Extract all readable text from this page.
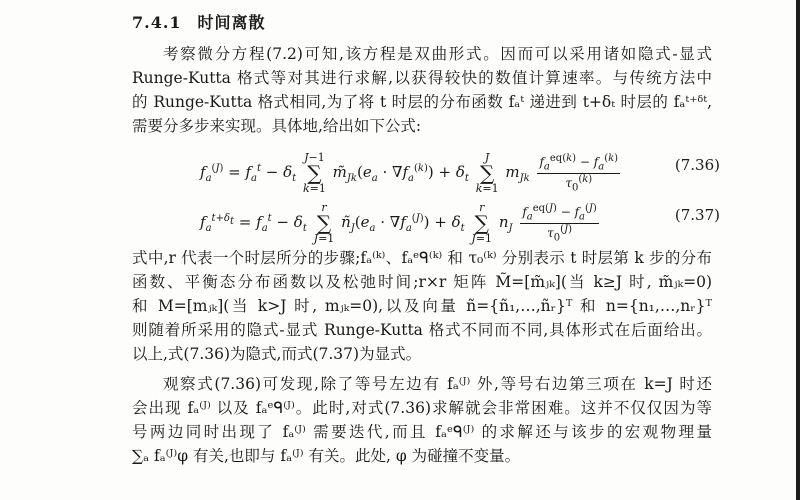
7.4.1 时间离散

考察微分方程(7.2)可知,该方程是双曲形式。因而可以采用诸如隐式-显式

Runge-Kutta 格式等对其进行求解,以获得较快的数值计算速率。与传统方法中

的 Runge-Kutta 格式相同,为了将 t 时层的分布函数 fₐᵗ 递进到 t+δₜ 时层的 fₐᵗ⁺ᵟᵗ,

需要分多步来实现。具体地,给出如下公式:

$f_a^{(J)} = f_a^t - \delta_t$ J−1
∑
k=1 $m̃_{Jk}(e_a \cdot \nabla f_a^{(k)}) + \delta_t$ J
∑
k=1 $m_{Jk} \frac{f_a^{eq(k)} - f_a^{(k)}}{\tau_0^{(k)}}$	(7.36)
$f_a^{t+\delta_t} = f_a^t - \delta_t$ r
∑
J=1 $ñ_J(e_a \cdot \nabla f_a^{(J)}) + \delta_t$ r
∑
J=1 $n_J \frac{f_a^{eq(J)} - f_a^{(J)}}{\tau_0^{(J)}}$	(7.37)

式中,r 代表一个时层所分的步骤;fₐ⁽ᵏ⁾、fₐᵉᑫ⁽ᵏ⁾ 和 τ₀⁽ᵏ⁾ 分别表示 t 时层第 k 步的分布

函数、平衡态分布函数以及松弛时间;r×r 矩阵 M̃=[m̃ⱼₖ](当 k≥J 时, m̃ⱼₖ=0)

和 M=[mⱼₖ](当 k>J 时, mⱼₖ=0),以及向量 ñ={ñ₁,…,ñᵣ}ᵀ 和 n={n₁,…,nᵣ}ᵀ

则随着所采用的隐式-显式 Runge-Kutta 格式不同而不同,具体形式在后面给出。

以上,式(7.36)为隐式,而式(7.37)为显式。

观察式(7.36)可发现,除了等号左边有 fₐ⁽ᴶ⁾ 外,等号右边第三项在 k=J 时还

会出现 fₐ⁽ᴶ⁾ 以及 fₐᵉᑫ⁽ᴶ⁾。此时,对式(7.36)求解就会非常困难。这并不仅仅因为等

号两边同时出现了 fₐ⁽ᴶ⁾ 需要迭代,而且 fₐᵉᑫ⁽ᴶ⁾ 的求解还与该步的宏观物理量

∑ₐ fₐ⁽ᴶ⁾φ 有关,也即与 fₐ⁽ᴶ⁾ 有关。此处, φ 为碰撞不变量。
